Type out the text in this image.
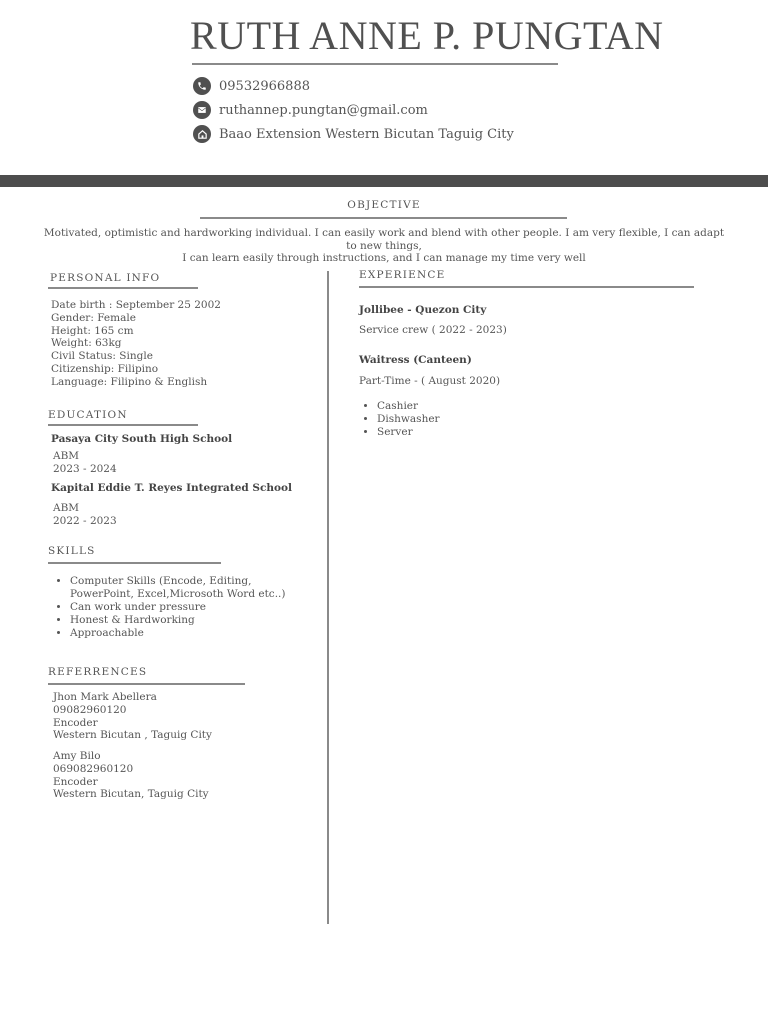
RUTH ANNE P. PUNGTAN
09532966888
ruthannep.pungtan@gmail.com
Baao Extension Western Bicutan Taguig City
OBJECTIVE
Motivated, optimistic and hardworking individual. I can easily work and blend with other people. I am very flexible, I can adapt to new things,
I can learn easily through instructions, and I can manage my time very well
PERSONAL INFO
Date birth : September 25 2002
Gender: Female
Height: 165 cm
Weight: 63kg
Civil Status: Single
Citizenship: Filipino
Language: Filipino & English
EDUCATION
Pasaya City South High School
ABM
2023 - 2024
Kapital Eddie T. Reyes Integrated School
ABM
2022 - 2023
SKILLS
• Computer Skills (Encode, Editing, PowerPoint, Excel,Microsoth Word etc..)
• Can work under pressure
• Honest & Hardworking
• Approachable
REFERRENCES
Jhon Mark Abellera
09082960120
Encoder
Western Bicutan , Taguig City
Amy Bilo
069082960120
Encoder
Western Bicutan, Taguig City
EXPERIENCE
Jollibee - Quezon City
Service crew ( 2022 - 2023)
Waitress (Canteen)
Part-Time - ( August 2020)
• Cashier
• Dishwasher
• Server
